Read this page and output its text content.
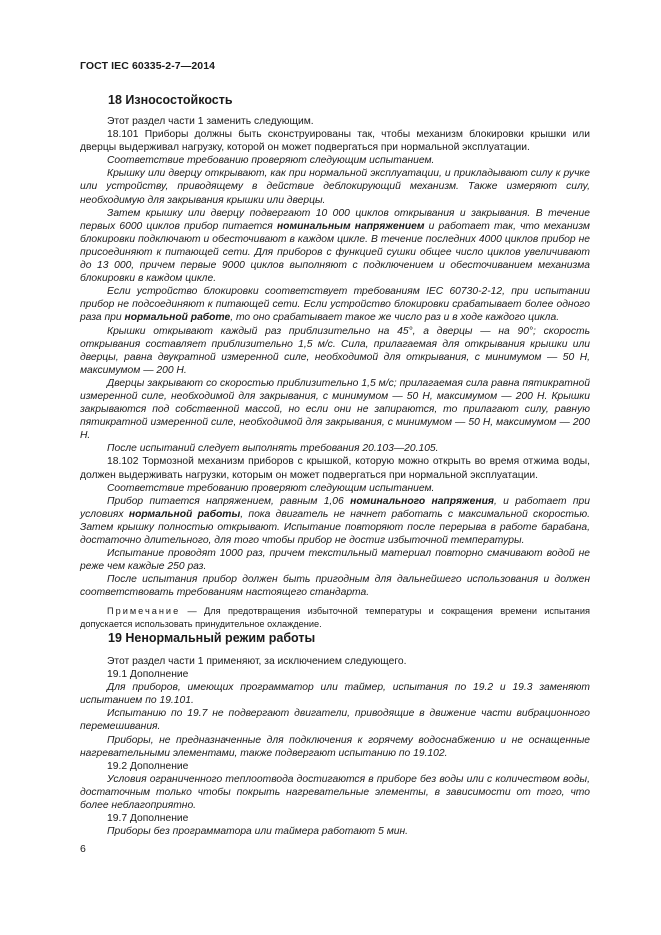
ГОСТ IEC 60335-2-7—2014
18 Износостойкость

Этот раздел части 1 заменить следующим.

18.101 Приборы должны быть сконструированы так, чтобы механизм блокировки крышки или дверцы выдерживал нагрузку, которой он может подвергаться при нормальной эксплуатации.

Соответствие требованию проверяют следующим испытанием.

Крышку или дверцу открывают, как при нормальной эксплуатации, и прикладывают силу к ручке или устройству, приводящему в действие деблокирующий механизм. Также измеряют силу, необходимую для закрывания крышки или дверцы.

Затем крышку или дверцу подвергают 10 000 циклов открывания и закрывания. В течение первых 6000 циклов прибор питается номинальным напряжением и работает так, что механизм блокировки подключают и обесточивают в каждом цикле. В течение последних 4000 циклов прибор не присоединяют к питающей сети. Для приборов с функцией сушки общее число циклов увеличивают до 13 000, причем первые 9000 циклов выполняют с подключением и обесточиванием механизма блокировки в каждом цикле.

Если устройство блокировки соответствует требованиям IEC 60730-2-12, при испытании прибор не подсоединяют к питающей сети. Если устройство блокировки срабатывает более одного раза при нормальной работе, то оно срабатывает такое же число раз и в ходе каждого цикла.

Крышки открывают каждый раз приблизительно на 45°, а дверцы — на 90°; скорость открывания составляет приблизительно 1,5 м/с. Сила, прилагаемая для открывания крышки или дверцы, равна двукратной измеренной силе, необходимой для открывания, с минимумом — 50 Н, максимумом — 200 Н.

Дверцы закрывают со скоростью приблизительно 1,5 м/с; прилагаемая сила равна пятикратной измеренной силе, необходимой для закрывания, с минимумом — 50 Н, максимумом — 200 Н. Крышки закрываются под собственной массой, но если они не запираются, то прилагают силу, равную пятикратной измеренной силе, необходимой для закрывания, с минимумом — 50 Н, максимумом — 200 Н.

После испытаний следует выполнять требования 20.103—20.105.

18.102 Тормозной механизм приборов с крышкой, которую можно открыть во время отжима воды, должен выдерживать нагрузки, которым он может подвергаться при нормальной эксплуатации.

Соответствие требованию проверяют следующим испытанием.

Прибор питается напряжением, равным 1,06 номинального напряжения, и работает при условиях нормальной работы, пока двигатель не начнет работать с максимальной скоростью. Затем крышку полностью открывают. Испытание повторяют после перерыва в работе барабана, достаточно длительного, для того чтобы прибор не достиг избыточной температуры.

Испытание проводят 1000 раз, причем текстильный материал повторно смачивают водой не реже чем каждые 250 раз.

После испытания прибор должен быть пригодным для дальнейшего использования и должен соответствовать требованиям настоящего стандарта.

Примечание — Для предотвращения избыточной температуры и сокращения времени испытания допускается использовать принудительное охлаждение.

19 Ненормальный режим работы

Этот раздел части 1 применяют, за исключением следующего.

19.1 Дополнение

Для приборов, имеющих программатор или таймер, испытания по 19.2 и 19.3 заменяют испытанием по 19.101.

Испытанию по 19.7 не подвергают двигатели, приводящие в движение части вибрационного перемешивания.

Приборы, не предназначенные для подключения к горячему водоснабжению и не оснащенные нагревательными элементами, также подвергают испытанию по 19.102.

19.2 Дополнение

Условия ограниченного теплоотвода достигаются в приборе без воды или с количеством воды, достаточным только чтобы покрыть нагревательные элементы, в зависимости от того, что более неблагоприятно.

19.7 Дополнение

Приборы без программатора или таймера работают 5 мин.

6
